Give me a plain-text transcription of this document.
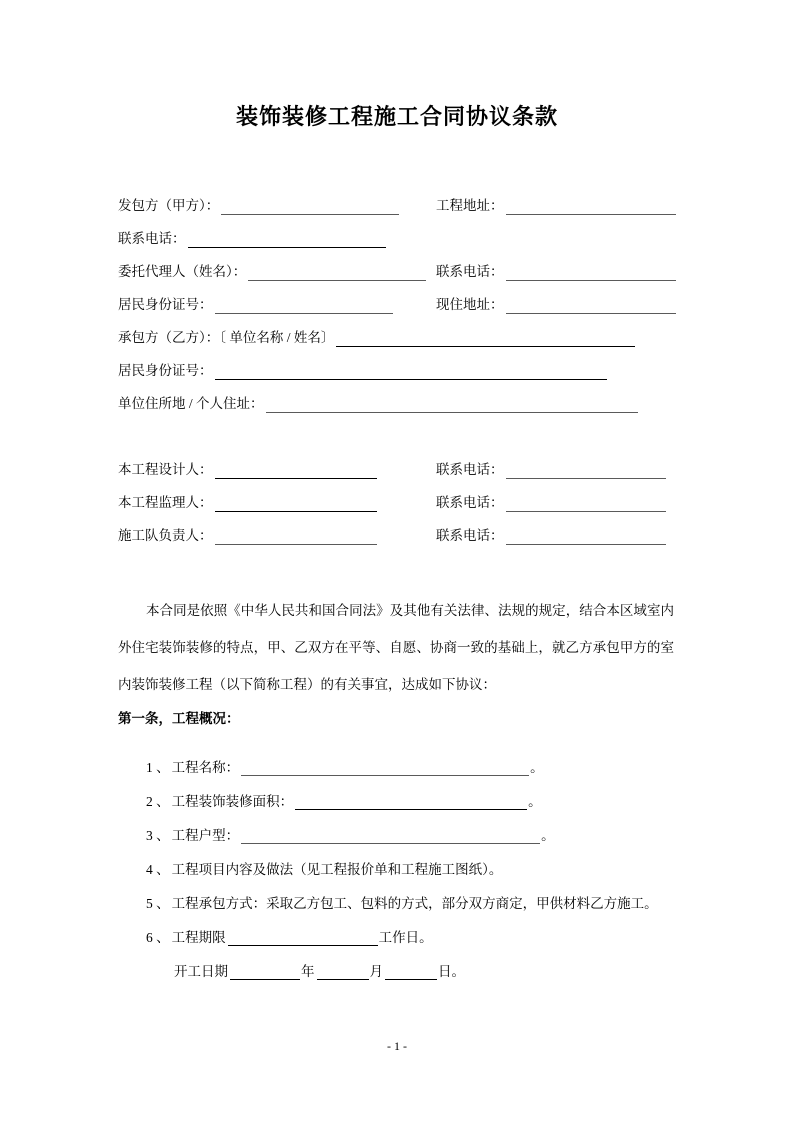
装饰装修工程施工合同协议条款
发包方（甲方）：	工程地址：
联系电话：
委托代理人（姓名）：	联系电话：
居民身份证号：	现住地址：
承包方（乙方）：〔 单位名称 / 姓名〕
居民身份证号：
单位住所地 / 个人住址：
本工程设计人：	联系电话：
本工程监理人：	联系电话：
施工队负责人：	联系电话：
本合同是依照《中华人民共和国合同法》及其他有关法律、法规的规定，结合本区域室内外住宅装饰装修的特点，甲、乙双方在平等、自愿、协商一致的基础上，就乙方承包甲方的室内装饰装修工程（以下简称工程）的有关事宜，达成如下协议：
第一条，工程概况：
1 、 工程名称：	。
2 、 工程装饰装修面积：	。
3 、 工程户型：	。
4 、 工程项目内容及做法（见工程报价单和工程施工图纸）。
5 、 工程承包方式：采取乙方包工、包料的方式，部分双方商定，甲供材料乙方施工。
6 、 工程期限	工作日。
开工日期	年	月	日。
- 1 -
